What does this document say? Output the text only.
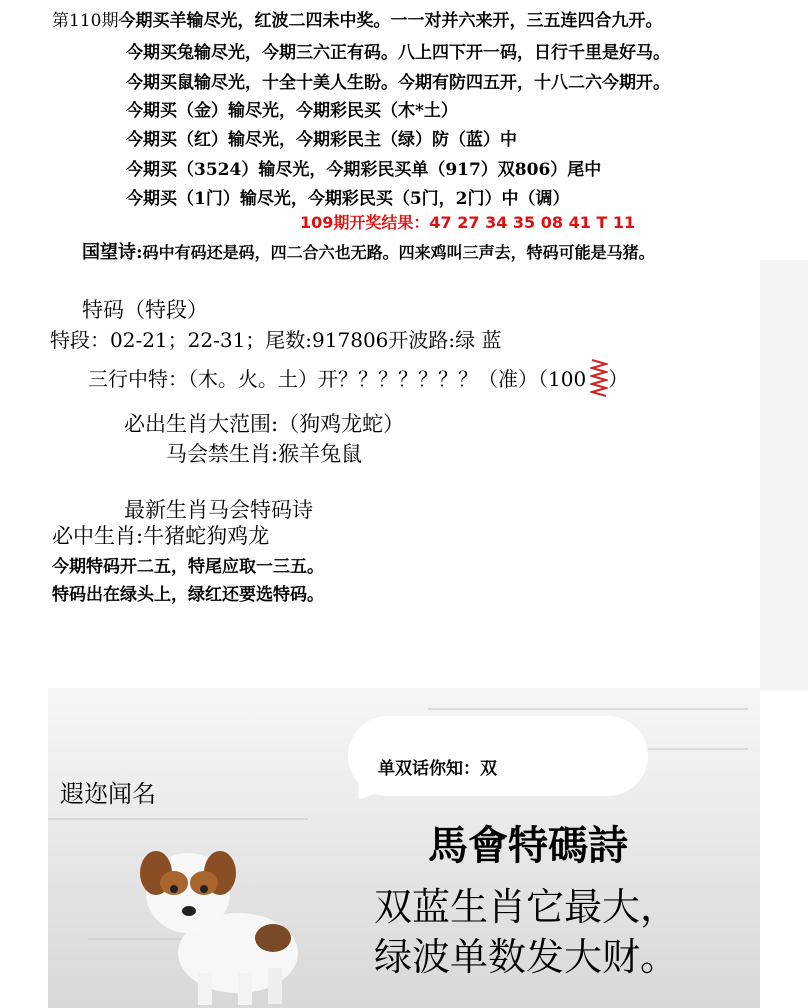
第110期今期买羊输尽光，红波二四未中奖。一一对并六来开，三五连四合九开。
今期买兔输尽光，今期三六正有码。八上四下开一码，日行千里是好马。
今期买鼠输尽光，十全十美人生盼。今期有防四五开，十八二六今期开。
今期买（金）输尽光，今期彩民买（木*土）
今期买（红）输尽光，今期彩民主（绿）防（蓝）中
今期买（3524）输尽光，今期彩民买单（917）双806）尾中
今期买（1门）输尽光，今期彩民买（5门，2门）中（调）
109期开奖结果：47 27 34 35 08 41 T 11
国望诗:码中有码还是码，四二合六也无路。四来鸡叫三声去，特码可能是马猪。
特码（特段）
特段：02-21；22-31；尾数:917806开波路:绿 蓝
三行中特：（木。火。土）开？？？？？？？（准）（100 ）
必出生肖大范围:（狗鸡龙蛇）
马会禁生肖:猴羊兔鼠
最新生肖马会特码诗
必中生肖:牛猪蛇狗鸡龙
今期特码开二五，特尾应取一三五。
特码出在绿头上，绿红还要选特码。
单双话你知：双
遐迩闻名
馬會特碼詩
双蓝生肖它最大，
绿波单数发大财。
